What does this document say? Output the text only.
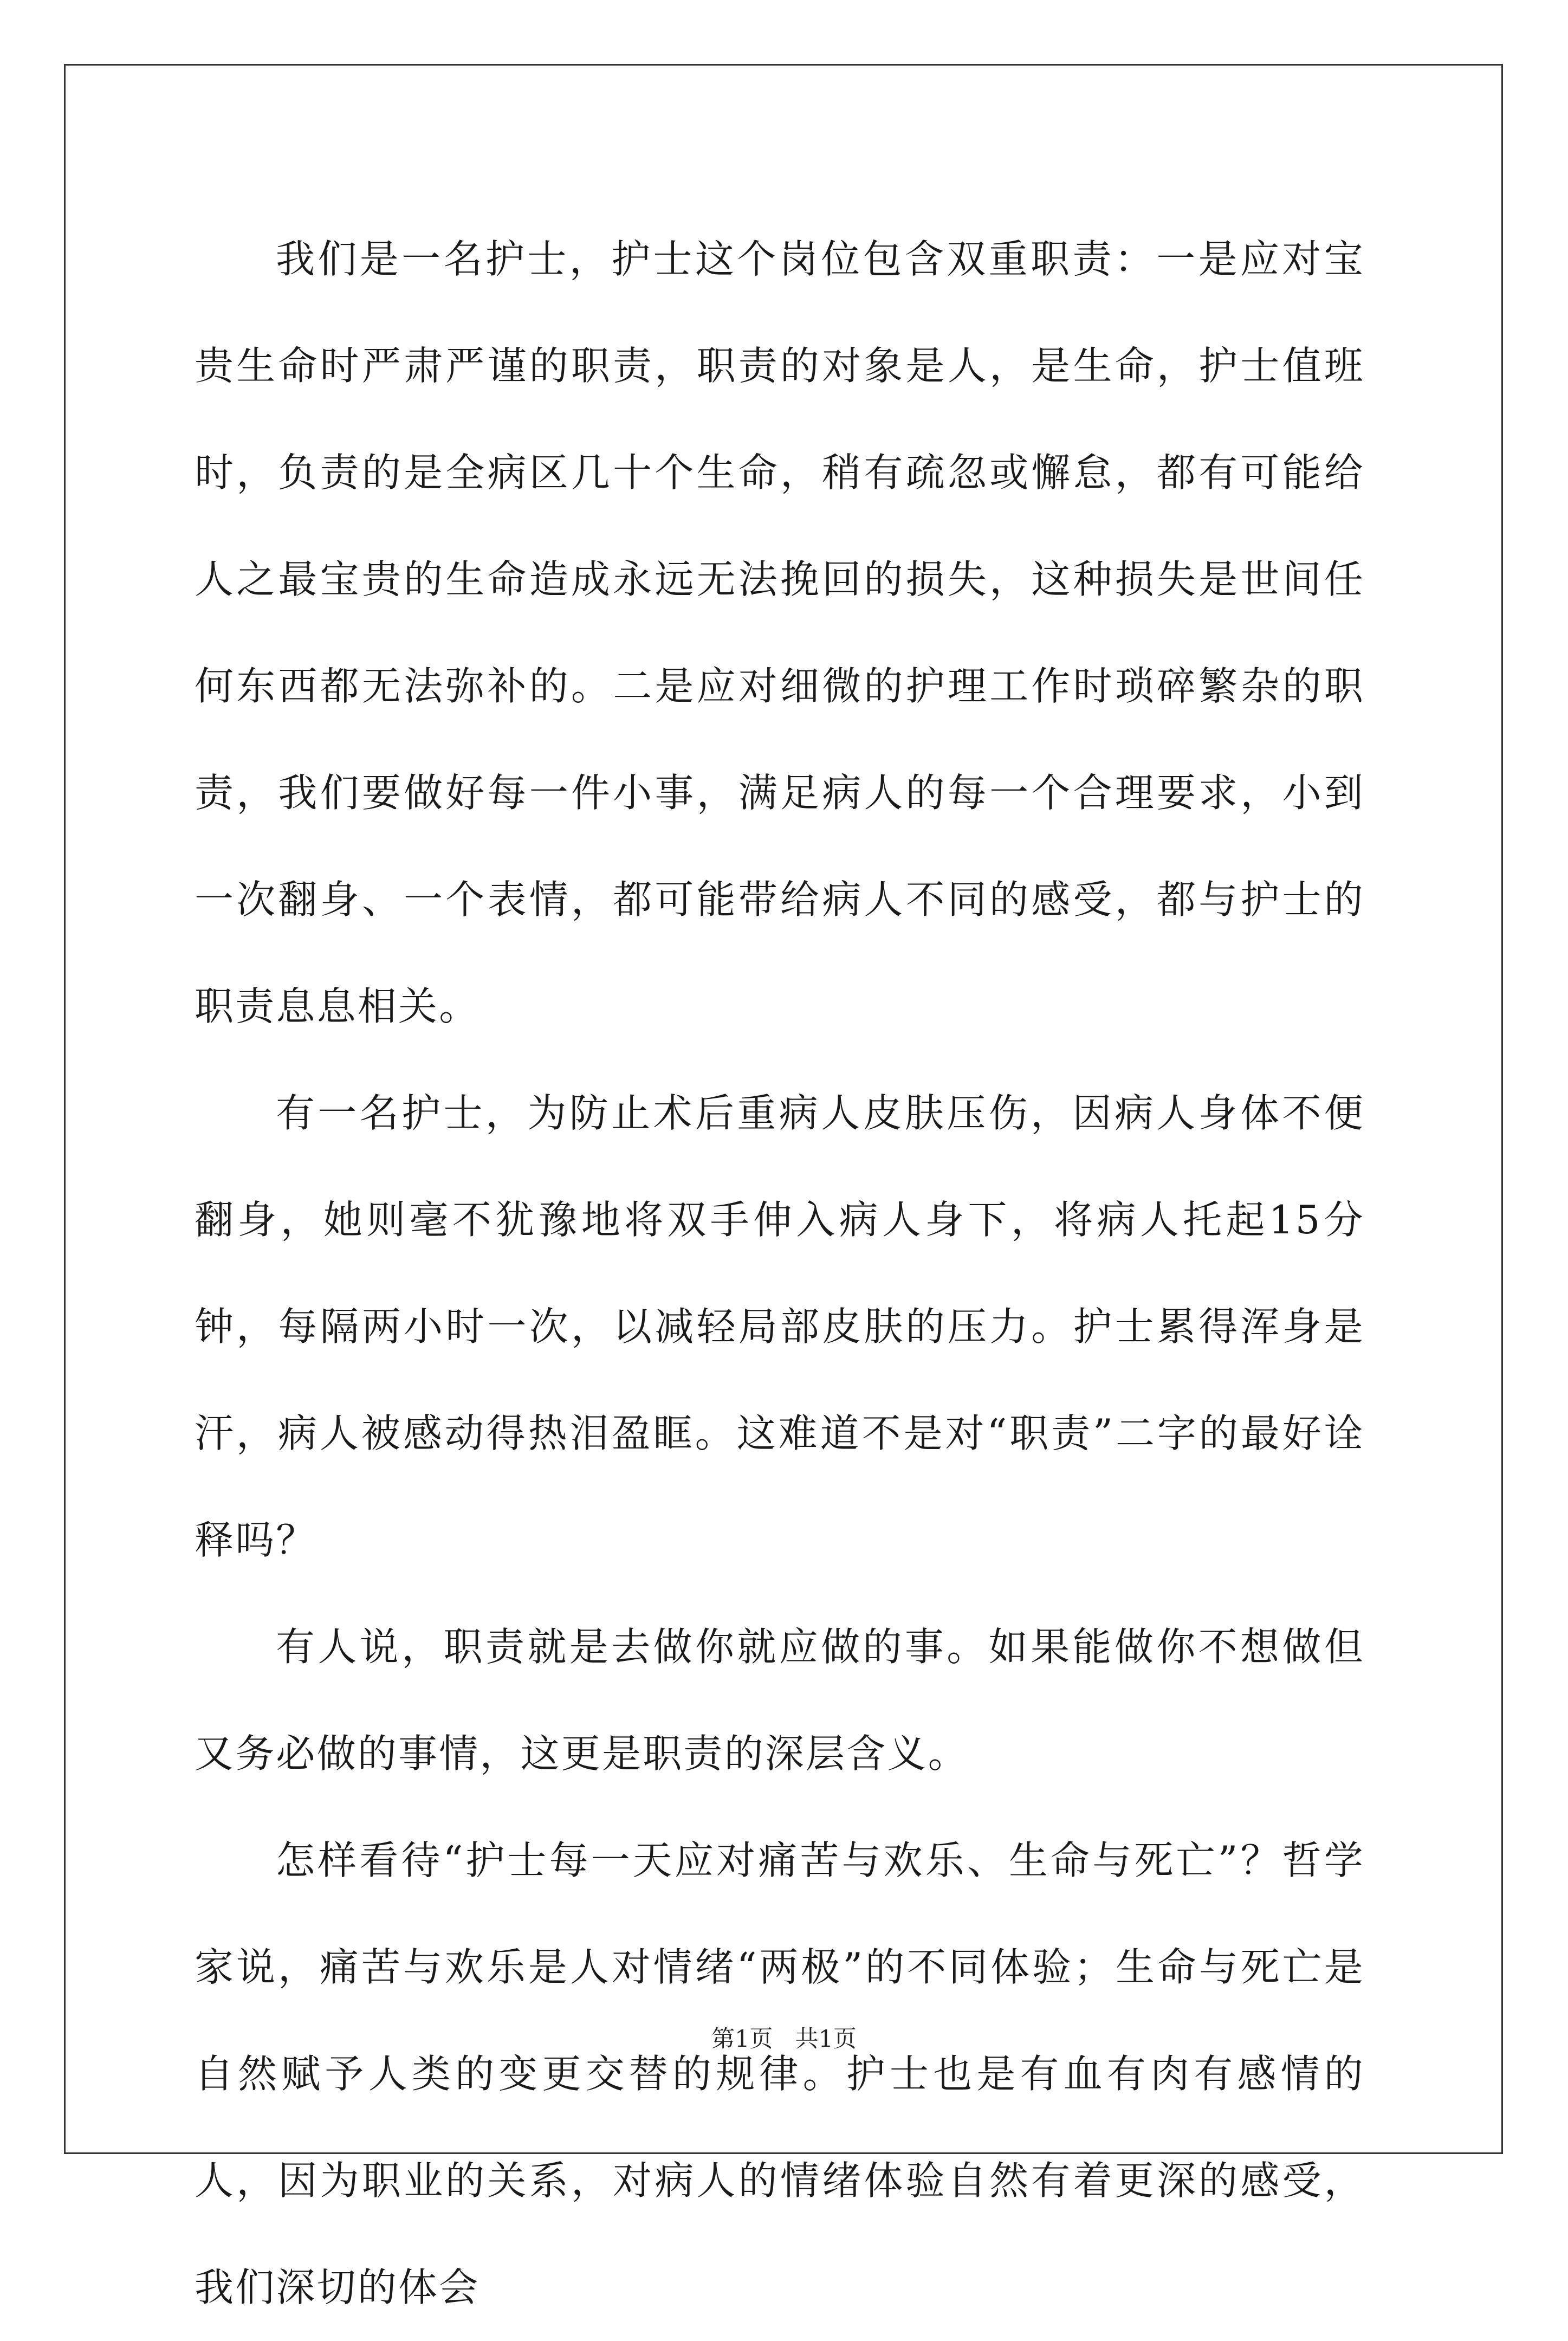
我们是一名护士，护士这个岗位包含双重职责：一是应对宝贵生命时严肃严谨的职责，职责的对象是人，是生命，护士值班时，负责的是全病区几十个生命，稍有疏忽或懈怠，都有可能给人之最宝贵的生命造成永远无法挽回的损失，这种损失是世间任何东西都无法弥补的。二是应对细微的护理工作时琐碎繁杂的职责，我们要做好每一件小事，满足病人的每一个合理要求，小到一次翻身、一个表情，都可能带给病人不同的感受，都与护士的职责息息相关。

有一名护士，为防止术后重病人皮肤压伤，因病人身体不便翻身，她则毫不犹豫地将双手伸入病人身下，将病人托起15分钟，每隔两小时一次，以减轻局部皮肤的压力。护士累得浑身是汗，病人被感动得热泪盈眶。这难道不是对“职责”二字的最好诠释吗？

有人说，职责就是去做你就应做的事。如果能做你不想做但又务必做的事情，这更是职责的深层含义。

怎样看待“护士每一天应对痛苦与欢乐、生命与死亡”？哲学家说，痛苦与欢乐是人对情绪“两极”的不同体验；生命与死亡是自然赋予人类的变更交替的规律。护士也是有血有肉有感情的人，因为职业的关系，对病人的情绪体验自然有着更深的感受，我们深切的体会

第1页 共1页
